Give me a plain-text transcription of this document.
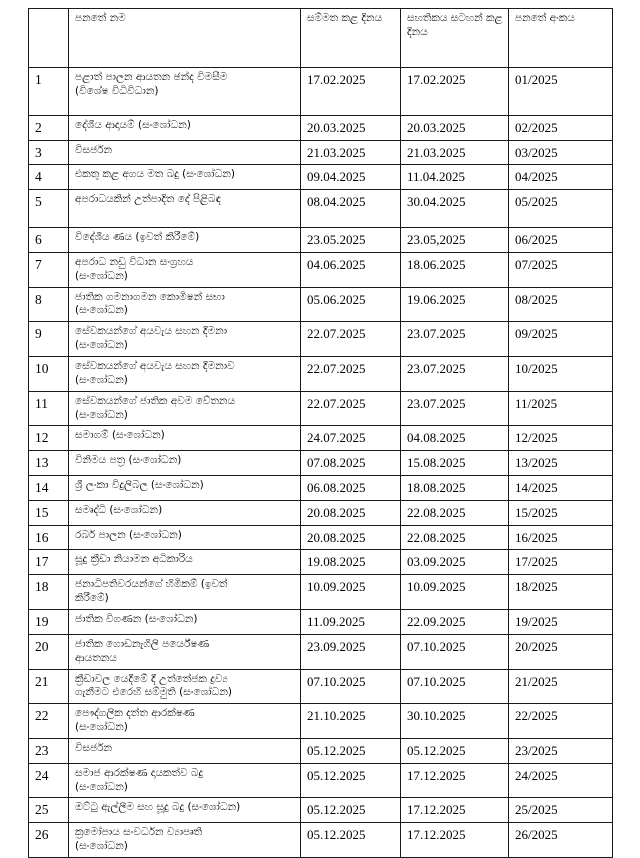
	පනතේ නම	සම්මත කළ දිනය	සහතිකය සටහන් කළ දිනය	පනතේ අංකය
1	පළාත් පාලන ආයතන ඡන්ද විමසීම
(විශේෂ විධිවිධාන)	17.02.2025	17.02.2025	01/2025
2	දේශීය ආදායම් (සංශෝධන)	20.03.2025	20.03.2025	02/2025
3	විසර්ජන	21.03.2025	21.03.2025	03/2025
4	එකතු කළ අගය මත බදු (සංශෝධන)	09.04.2025	11.04.2025	04/2025
5	අපරාධයකින් උත්පාදිත දේ පිළිබඳ	08.04.2025	30.04.2025	05/2025
6	විදේශීය ණය (ඉවත් කිරීමේ)	23.05.2025	23.05,2025	06/2025
7	අපරාධ නඩු විධාන සංග්‍රහය
(සංශෝධන)	04.06.2025	18.06.2025	07/2025
8	ජාතික ගමනාගමන කොමිෂන් සභා
(සංශෝධන)	05.06.2025	19.06.2025	08/2025
9	සේවකයන්ගේ අයවැය සහන දීමනා
(සංශෝධන)	22.07.2025	23.07.2025	09/2025
10	සේවකයන්ගේ අයවැය සහන දීමනාව
(සංශෝධන)	22.07.2025	23.07.2025	10/2025
11	සේවකයන්ගේ ජාතික අවම වේතනය
(සංශෝධන)	22.07.2025	23.07.2025	11/2025
12	සමාගම් (සංශෝධන)	24.07.2025	04.08.2025	12/2025
13	විනිමය පත්‍ර (සංශෝධන)	07.08.2025	15.08.2025	13/2025
14	ශ්‍රී ලංකා විදුලිබල (සංශෝධන)	06.08.2025	18.08.2025	14/2025
15	සමෘද්ධි (සංශෝධන)	20.08.2025	22.08.2025	15/2025
16	රබර් පාලන (සංශෝධන)	20.08.2025	22.08.2025	16/2025
17	සූදු ක්‍රීඩා නියාමන අධිකාරිය	19.08.2025	03.09.2025	17/2025
18	ජනාධිපතිවරයන්ගේ හිමිකම් (ඉවත්
කිරීමේ)	10.09.2025	10.09.2025	18/2025
19	ජාතික විගණන (සංශෝධන)	11.09.2025	22.09.2025	19/2025
20	ජාතික ගොඩනැගිලි පර්යේෂණ
ආයතනය	23.09.2025	07.10.2025	20/2025
21	ක්‍රීඩාවල යෙදීමේ දී උත්තේජක ද්‍රව්‍ය
ගැනීමට එරෙහි සම්මුති (සංශෝධන)	07.10.2025	07.10.2025	21/2025
22	පෞද්ගලික දත්ත ආරක්ෂණ
(සංශෝධන)	21.10.2025	30.10.2025	22/2025
23	විසර්ජන	05.12.2025	05.12.2025	23/2025
24	සමාජ ආරක්ෂණ දායකත්ව බදු
(සංශෝධන)	05.12.2025	17.12.2025	24/2025
25	ඔට්ටු ඇල්ලීම සහ සූදු බදු (සංශෝධන)	05.12.2025	17.12.2025	25/2025
26	ක්‍රමෝපාය සංවර්ධන ව්‍යාපෘති
(සංශෝධන)	05.12.2025	17.12.2025	26/2025
